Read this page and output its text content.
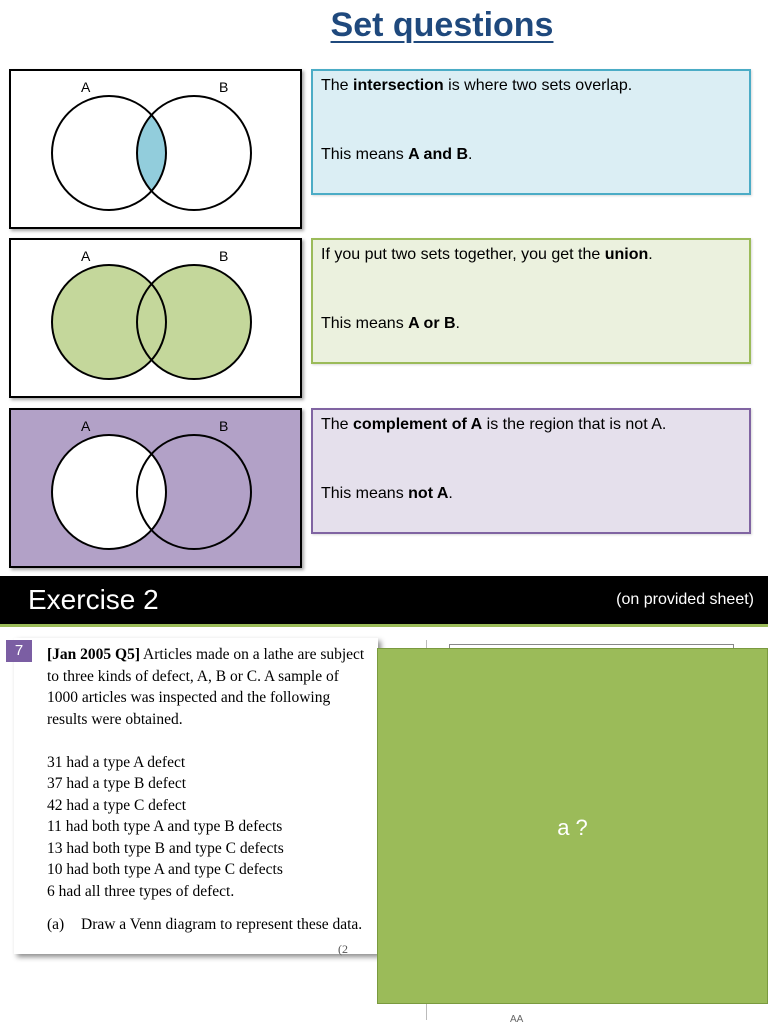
Set questions
A	B	The intersection is where two sets overlap.

This means A and B.

A	B	If you put two sets together, you get the union.

This means A or B.

A	B	The complement of A is the region that is not A.

This means not A.

Exercise 2	(on provided sheet)
7	[Jan 2005 Q5] Articles made on a lathe are subject
to three kinds of defect, A, B or C. A sample of
1000 articles was inspected and the following
results were obtained.
31 had a type A defect
37 had a type B defect
42 had a type C defect
11 had both type A and type B defects
13 had both type B and type C defects
10 had both type A and type C defects
6 had all three types of defect.
(a) Draw a Venn diagram to represent these data.
(2
a ?
AA
